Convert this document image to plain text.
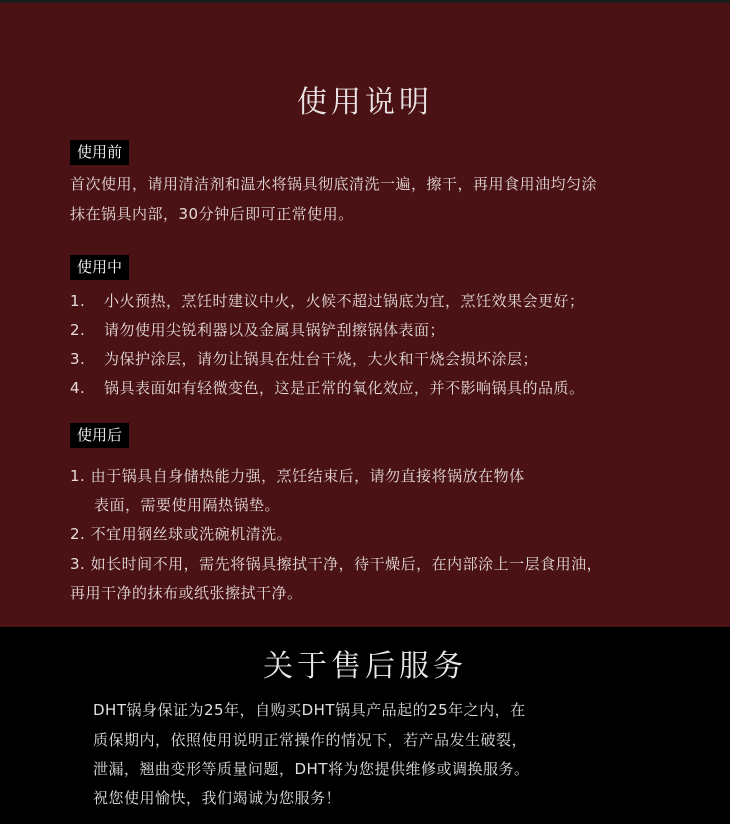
使用说明
使用前
首次使用，请用清洁剂和温水将锅具彻底清洗一遍，擦干，再用食用油均匀涂
抹在锅具内部，30分钟后即可正常使用。
使用中
1. 小火预热，烹饪时建议中火，火候不超过锅底为宜，烹饪效果会更好；
2. 请勿使用尖锐利器以及金属具锅铲刮擦锅体表面；
3. 为保护涂层，请勿让锅具在灶台干烧，大火和干烧会损坏涂层；
4. 锅具表面如有轻微变色，这是正常的氧化效应，并不影响锅具的品质。
使用后
1. 由于锅具自身储热能力强，烹饪结束后，请勿直接将锅放在物体
表面，需要使用隔热锅垫。
2. 不宜用钢丝球或洗碗机清洗。
3. 如长时间不用，需先将锅具擦拭干净，待干燥后，在内部涂上一层食用油，
再用干净的抹布或纸张擦拭干净。
关于售后服务
DHT锅身保证为25年，自购买DHT锅具产品起的25年之内，在
质保期内，依照使用说明正常操作的情况下，若产品发生破裂，
泄漏，翘曲变形等质量问题，DHT将为您提供维修或调换服务。
祝您使用愉快，我们竭诚为您服务！
